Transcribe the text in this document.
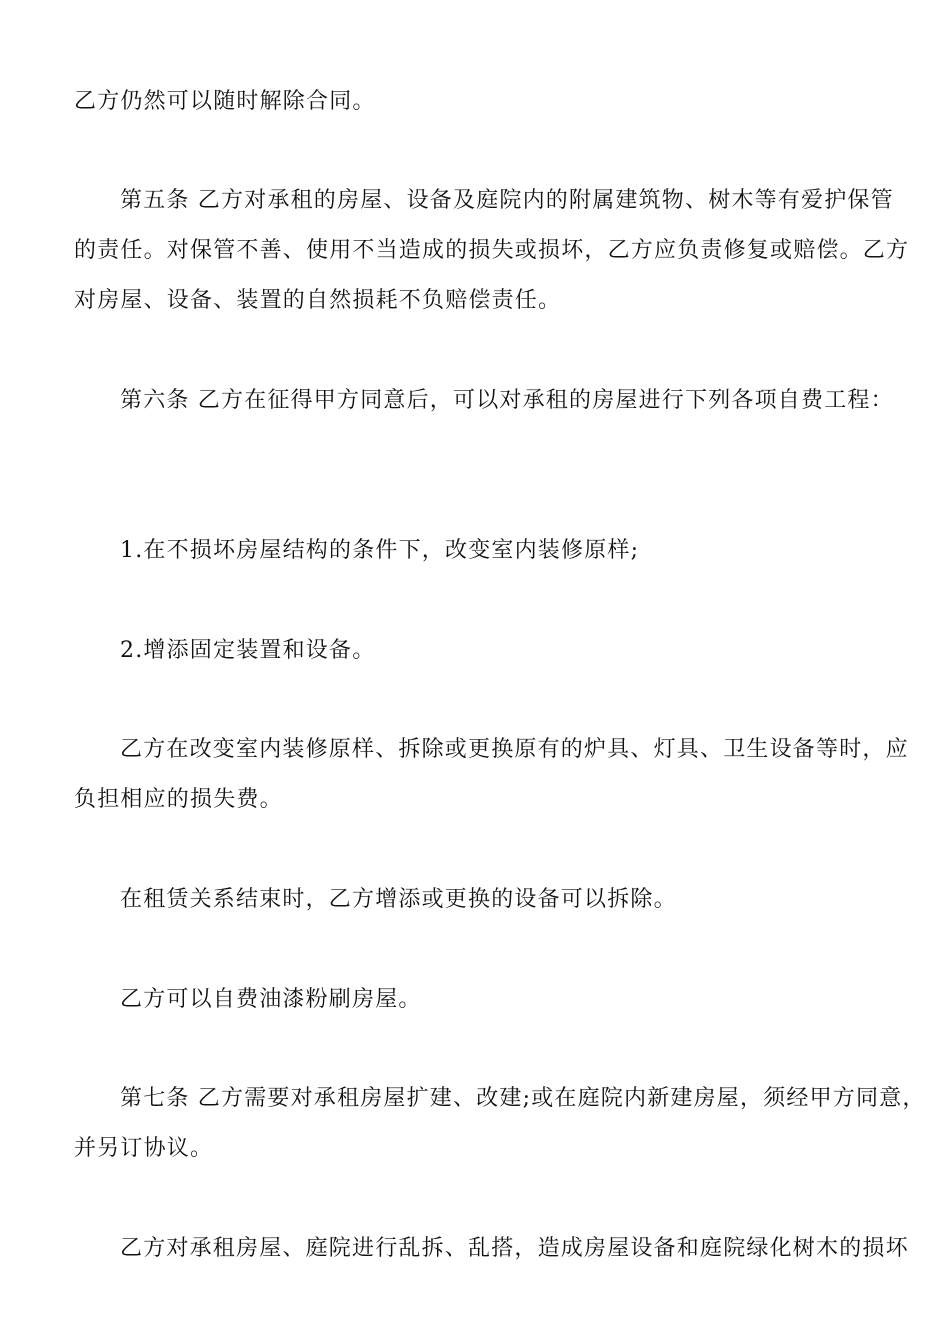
乙方仍然可以随时解除合同。
第五条 乙方对承租的房屋、设备及庭院内的附属建筑物、树木等有爱护保管
的责任。对保管不善、使用不当造成的损失或损坏，乙方应负责修复或赔偿。乙方
对房屋、设备、装置的自然损耗不负赔偿责任。
第六条 乙方在征得甲方同意后，可以对承租的房屋进行下列各项自费工程：
1.在不损坏房屋结构的条件下，改变室内装修原样;
2.增添固定装置和设备。
乙方在改变室内装修原样、拆除或更换原有的炉具、灯具、卫生设备等时，应
负担相应的损失费。
在租赁关系结束时，乙方增添或更换的设备可以拆除。
乙方可以自费油漆粉刷房屋。
第七条 乙方需要对承租房屋扩建、改建;或在庭院内新建房屋，须经甲方同意，
并另订协议。
乙方对承租房屋、庭院进行乱拆、乱搭，造成房屋设备和庭院绿化树木的损坏
